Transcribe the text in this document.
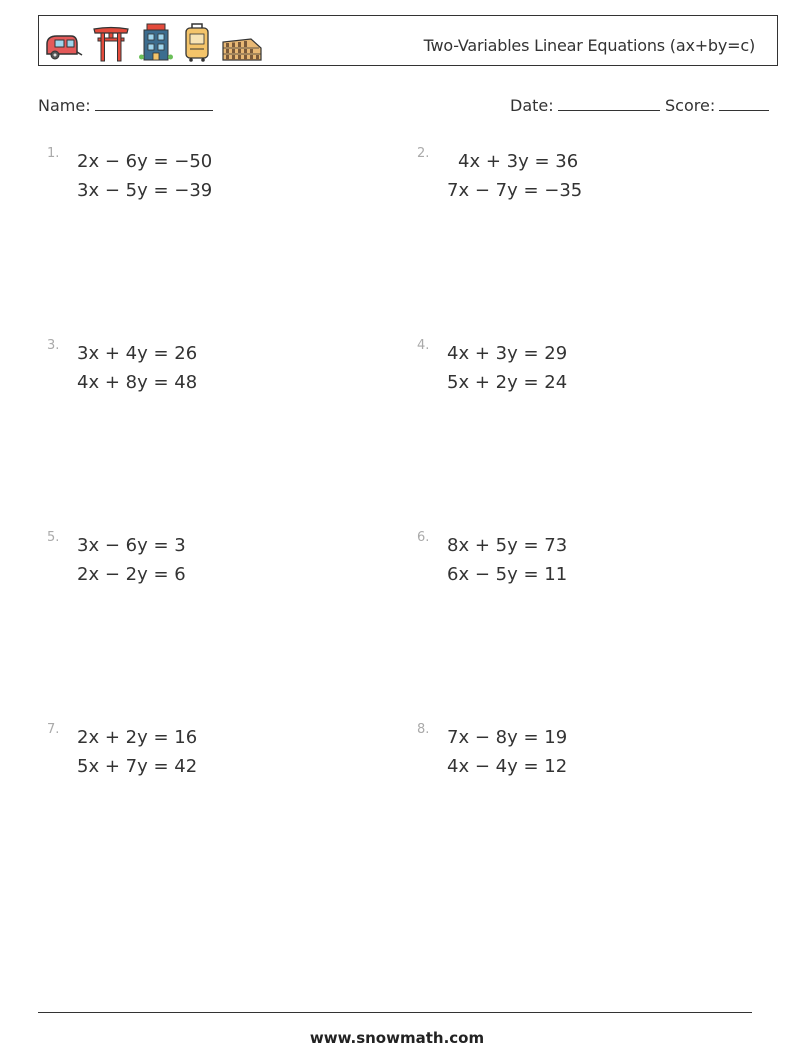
Two-Variables Linear Equations (ax+by=c)
Name:	Date:	Score:
1. 2x − 6y = −50
3x − 5y = −39
2. 4x + 3y = 36
7x − 7y = −35
3. 3x + 4y = 26
4x + 8y = 48
4. 4x + 3y = 29
5x + 2y = 24
5. 3x − 6y = 3
2x − 2y = 6
6. 8x + 5y = 73
6x − 5y = 11
7. 2x + 2y = 16
5x + 7y = 42
8. 7x − 8y = 19
4x − 4y = 12
www.snowmath.com
